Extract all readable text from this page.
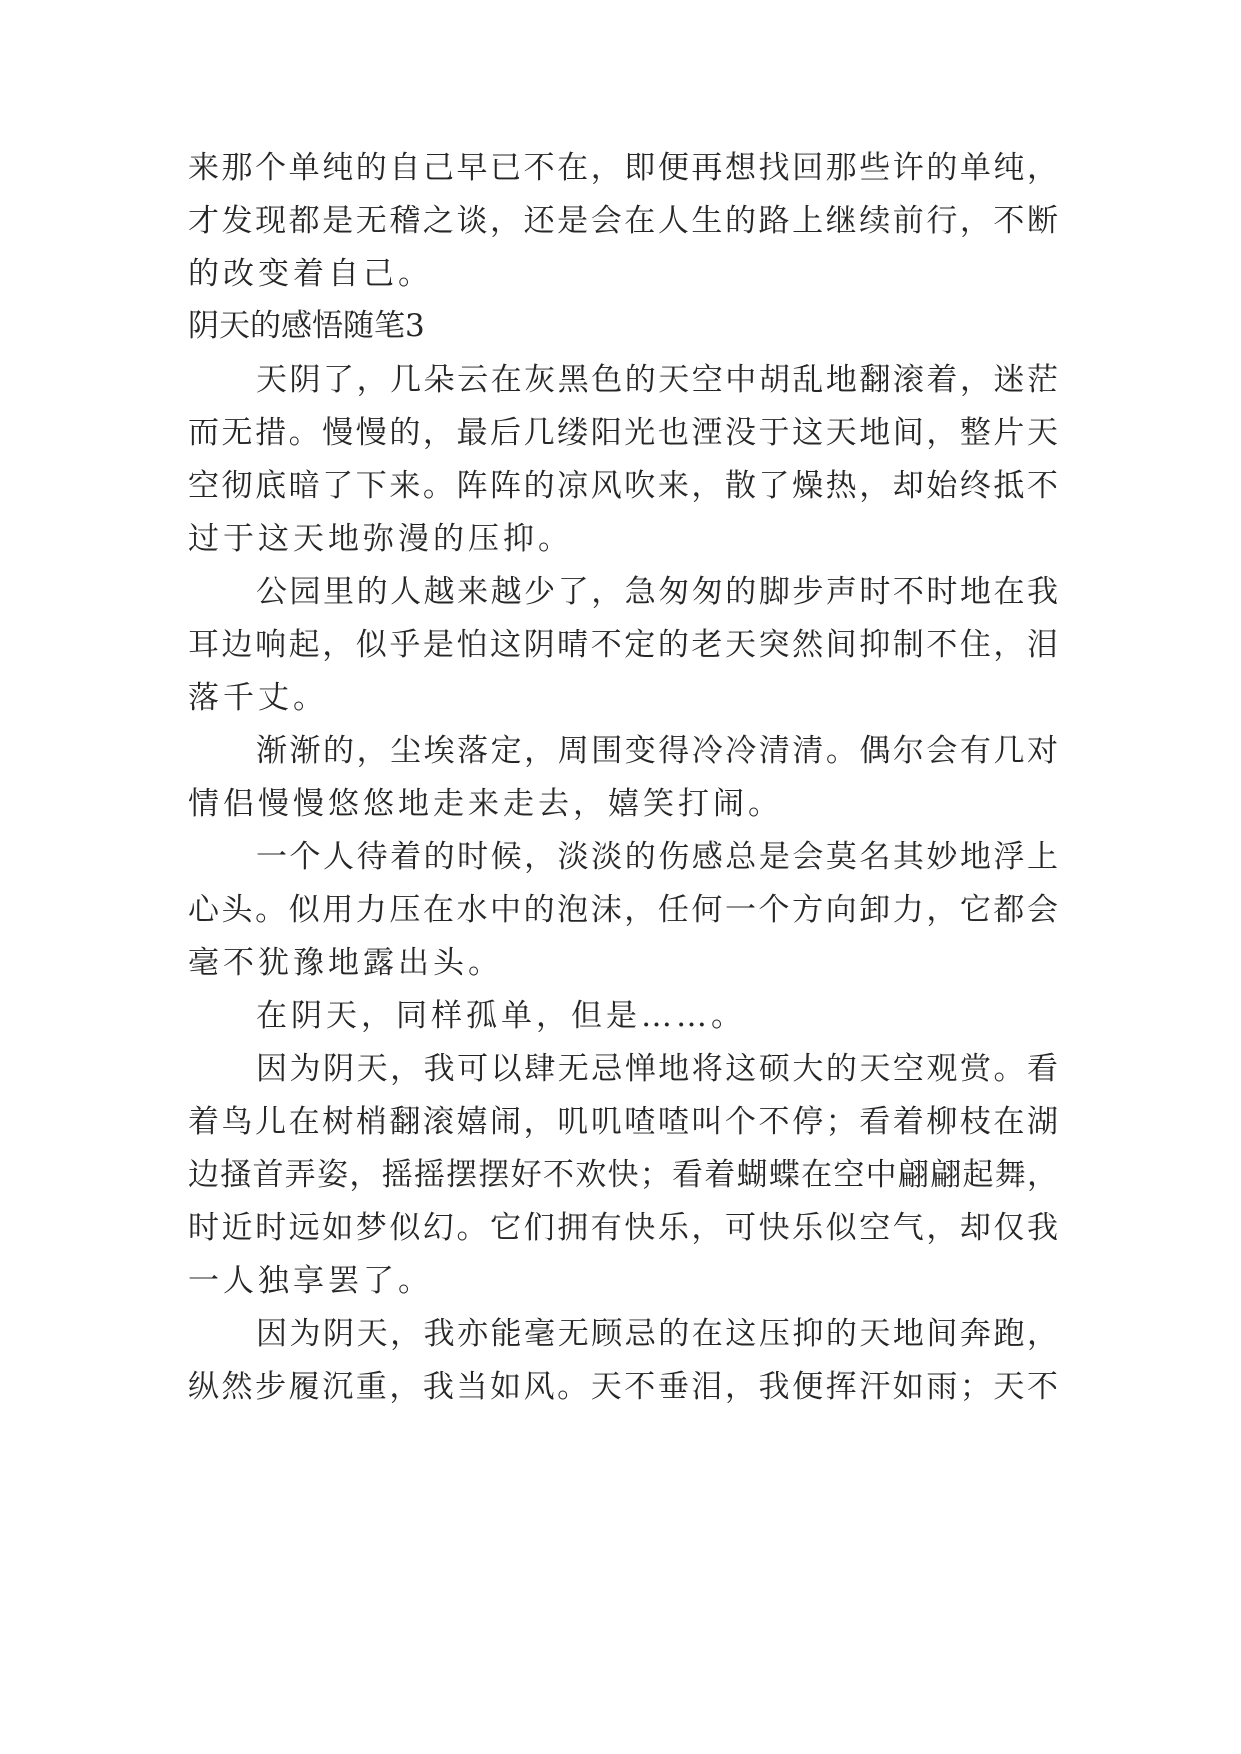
来那个单纯的自己早已不在，即便再想找回那些许的单纯，
才发现都是无稽之谈，还是会在人生的路上继续前行，不断
的改变着自己。
阴天的感悟随笔3
天阴了，几朵云在灰黑色的天空中胡乱地翻滚着，迷茫
而无措。慢慢的，最后几缕阳光也湮没于这天地间，整片天
空彻底暗了下来。阵阵的凉风吹来，散了燥热，却始终抵不
过于这天地弥漫的压抑。
公园里的人越来越少了，急匆匆的脚步声时不时地在我
耳边响起，似乎是怕这阴晴不定的老天突然间抑制不住，泪
落千丈。
渐渐的，尘埃落定，周围变得冷冷清清。偶尔会有几对
情侣慢慢悠悠地走来走去，嬉笑打闹。
一个人待着的时候，淡淡的伤感总是会莫名其妙地浮上
心头。似用力压在水中的泡沫，任何一个方向卸力，它都会
毫不犹豫地露出头。
在阴天，同样孤单，但是……。
因为阴天，我可以肆无忌惮地将这硕大的天空观赏。看
着鸟儿在树梢翻滚嬉闹，叽叽喳喳叫个不停；看着柳枝在湖
边搔首弄姿，摇摇摆摆好不欢快；看着蝴蝶在空中翩翩起舞，
时近时远如梦似幻。它们拥有快乐，可快乐似空气，却仅我
一人独享罢了。
因为阴天，我亦能毫无顾忌的在这压抑的天地间奔跑，
纵然步履沉重，我当如风。天不垂泪，我便挥汗如雨；天不
